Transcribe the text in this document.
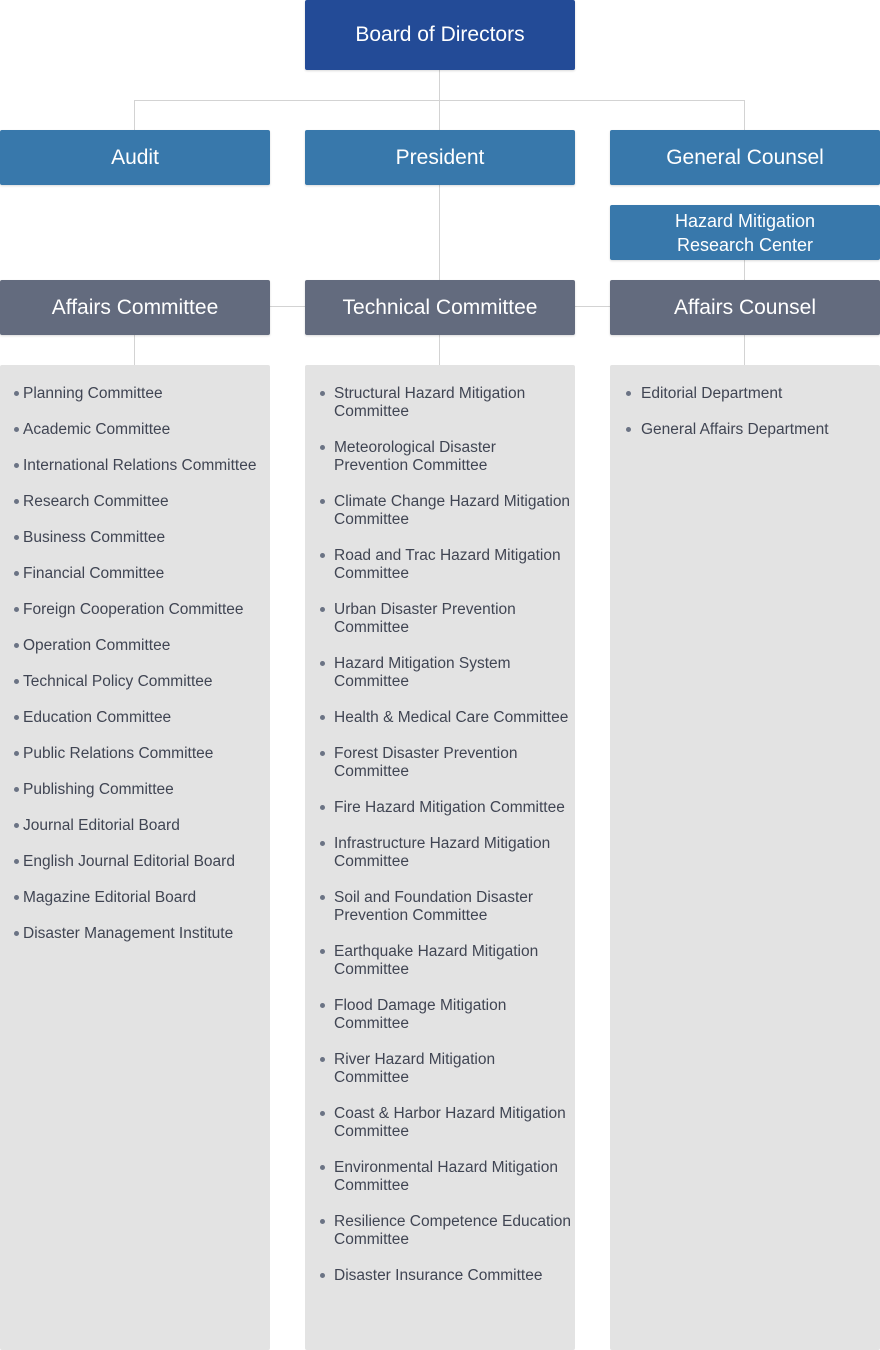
Board of Directors
Audit	President	General Counsel
Hazard Mitigation
Research Center
Affairs Committee	Technical Committee	Affairs Counsel
Planning Committee
Academic Committee
International Relations Committee
Research Committee
Business Committee
Financial Committee
Foreign Cooperation Committee
Operation Committee
Technical Policy Committee
Education Committee
Public Relations Committee
Publishing Committee
Journal Editorial Board
English Journal Editorial Board
Magazine Editorial Board
Disaster Management Institute
Structural Hazard Mitigation Committee
Meteorological Disaster Prevention Committee
Climate Change Hazard Mitigation Committee
Road and Trac Hazard Mitigation Committee
Urban Disaster Prevention Committee
Hazard Mitigation System Committee
Health & Medical Care Committee
Forest Disaster Prevention Committee
Fire Hazard Mitigation Committee
Infrastructure Hazard Mitigation Committee
Soil and Foundation Disaster Prevention Committee
Earthquake Hazard Mitigation Committee
Flood Damage Mitigation Committee
River Hazard Mitigation Committee
Coast & Harbor Hazard Mitigation Committee
Environmental Hazard Mitigation Committee
Resilience Competence Education Committee
Disaster Insurance Committee
Editorial Department
General Affairs Department
